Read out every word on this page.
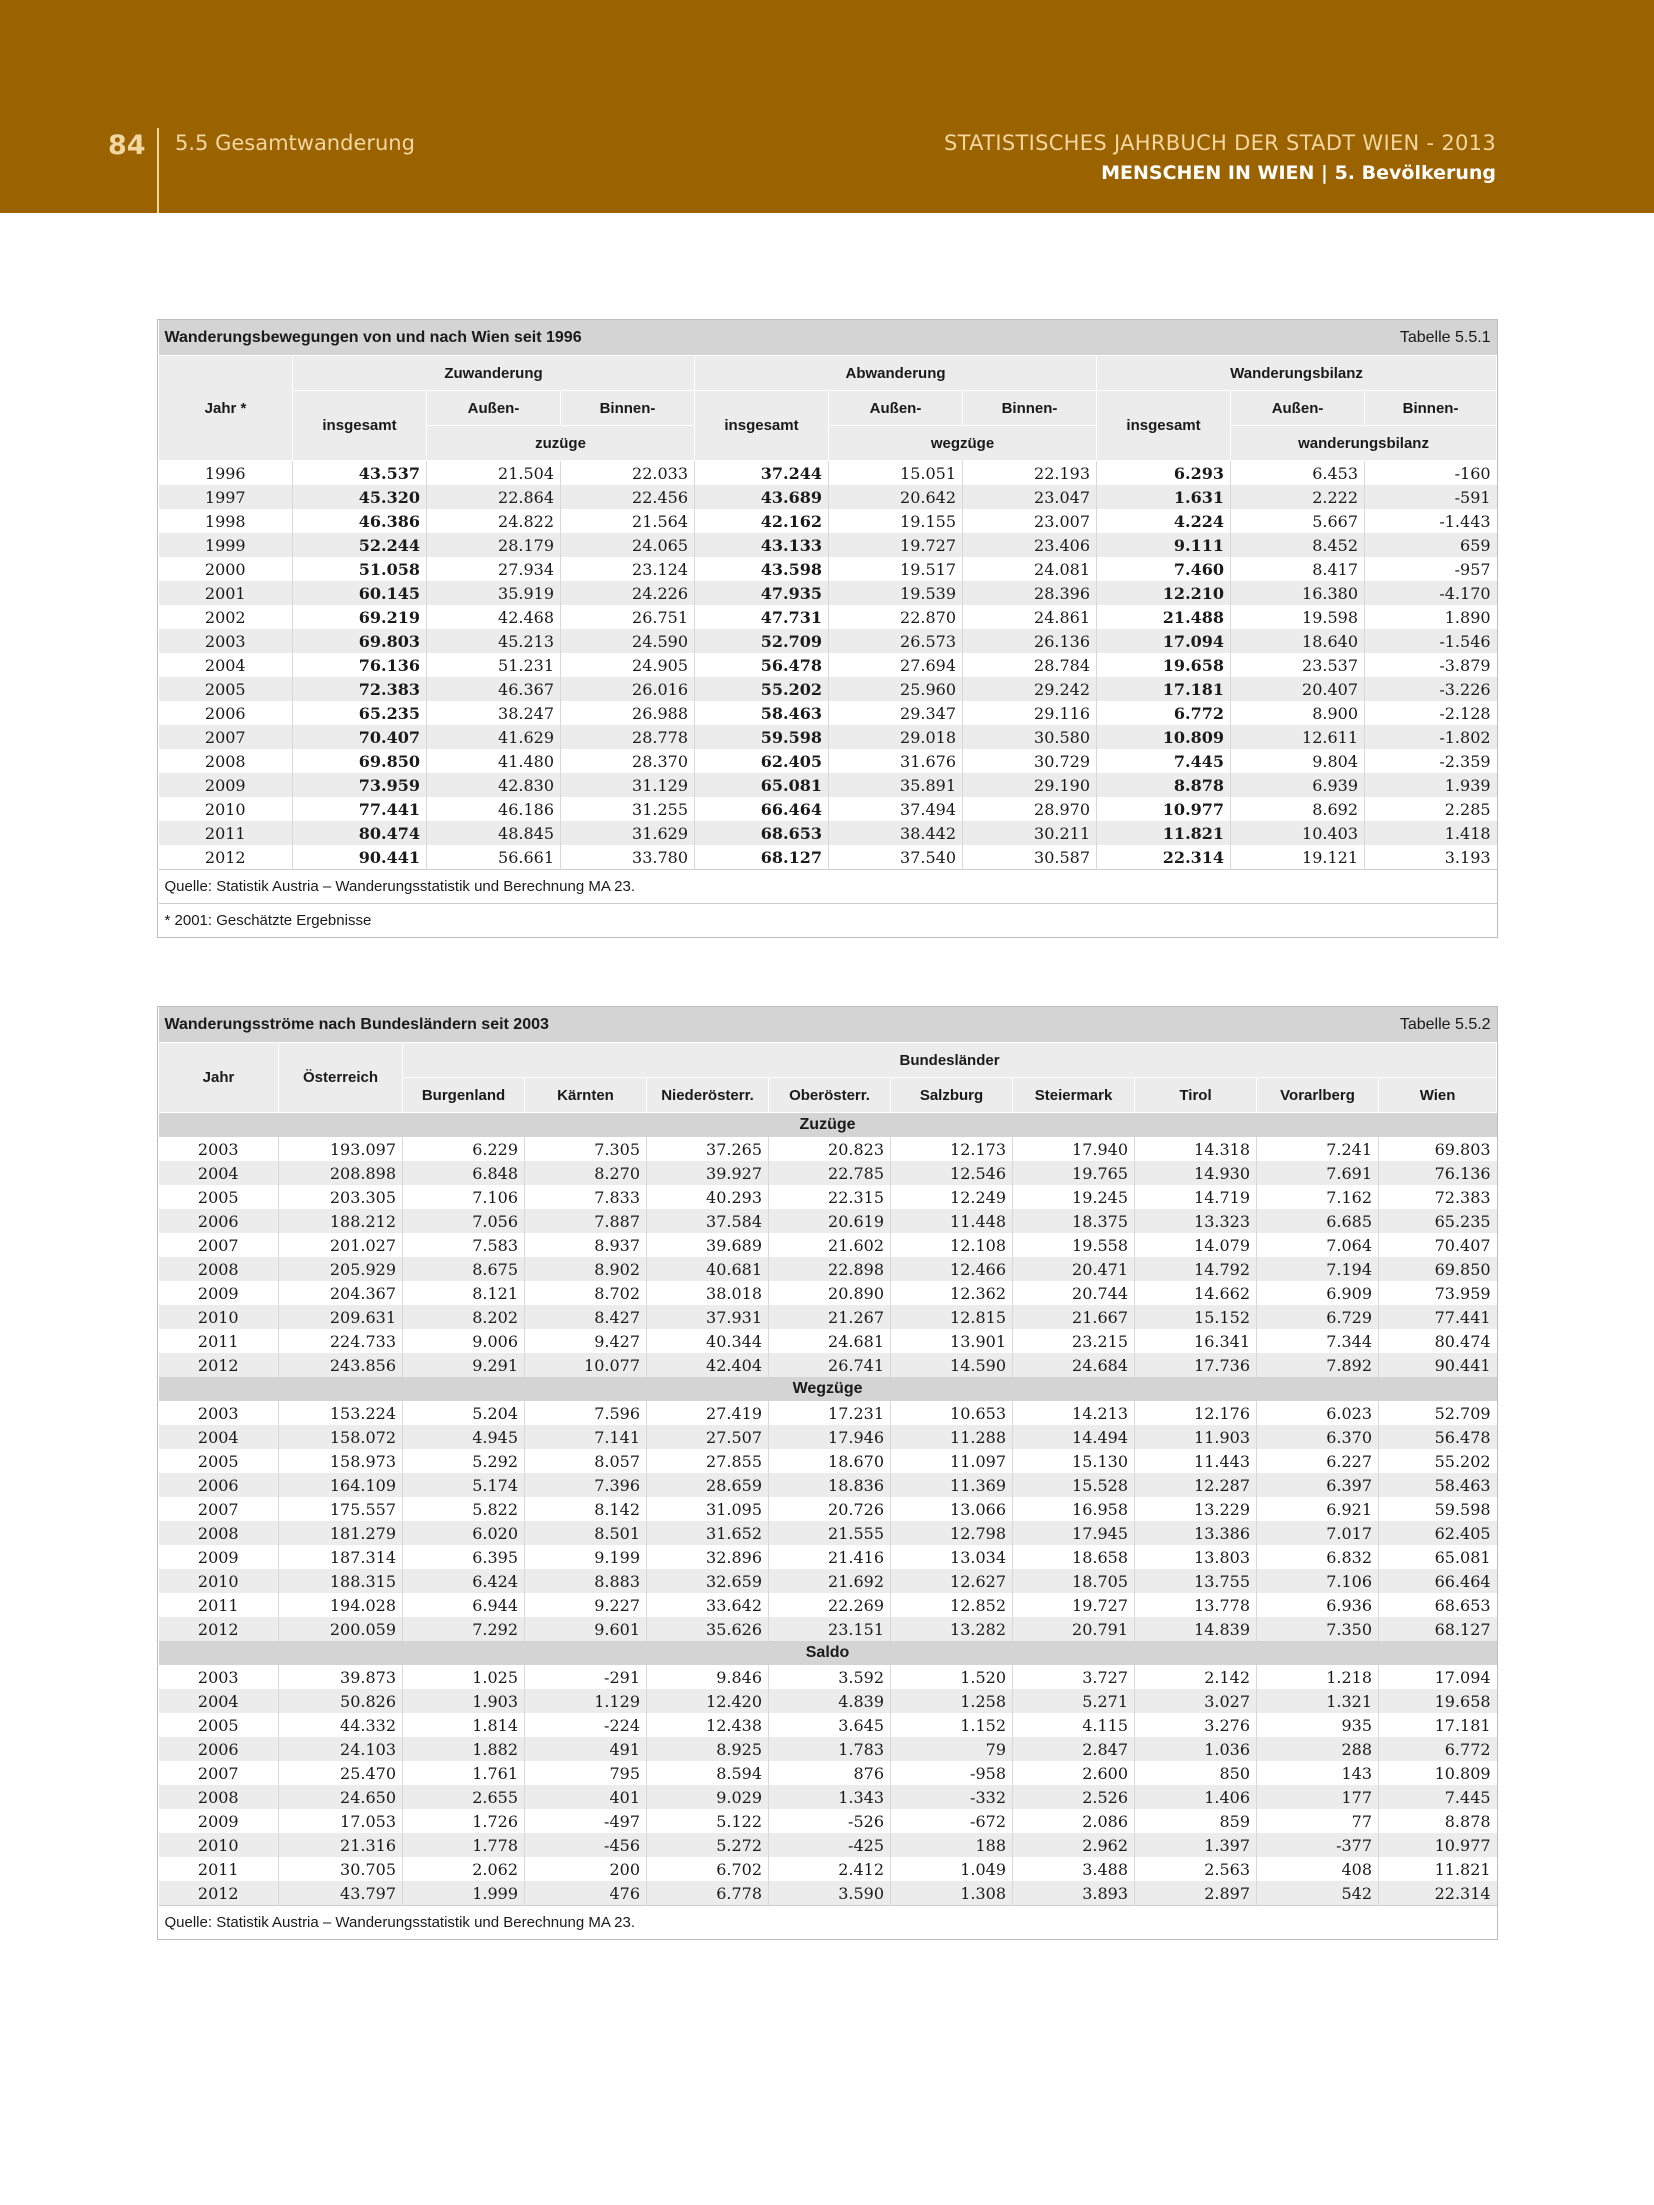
84 5.5 Gesamtwanderung	STATISTISCHES JAHRBUCH DER STADT WIEN - 2013
MENSCHEN IN WIEN | 5. Bevölkerung
Wanderungsbewegungen von und nach Wien seit 1996							Tabelle 5.5.1		
Jahr *	Zuwanderung			Abwanderung			Wanderungsbilanz		
	insgesamt	Außen-	Binnen-	insgesamt	Außen-	Binnen-	insgesamt	Außen-	Binnen-
		zuzüge			wegzüge			wanderungsbilanz	
1996	43.537	21.504	22.033	37.244	15.051	22.193	6.293	6.453	-160
1997	45.320	22.864	22.456	43.689	20.642	23.047	1.631	2.222	-591
1998	46.386	24.822	21.564	42.162	19.155	23.007	4.224	5.667	-1.443
1999	52.244	28.179	24.065	43.133	19.727	23.406	9.111	8.452	659
2000	51.058	27.934	23.124	43.598	19.517	24.081	7.460	8.417	-957
2001	60.145	35.919	24.226	47.935	19.539	28.396	12.210	16.380	-4.170
2002	69.219	42.468	26.751	47.731	22.870	24.861	21.488	19.598	1.890
2003	69.803	45.213	24.590	52.709	26.573	26.136	17.094	18.640	-1.546
2004	76.136	51.231	24.905	56.478	27.694	28.784	19.658	23.537	-3.879
2005	72.383	46.367	26.016	55.202	25.960	29.242	17.181	20.407	-3.226
2006	65.235	38.247	26.988	58.463	29.347	29.116	6.772	8.900	-2.128
2007	70.407	41.629	28.778	59.598	29.018	30.580	10.809	12.611	-1.802
2008	69.850	41.480	28.370	62.405	31.676	30.729	7.445	9.804	-2.359
2009	73.959	42.830	31.129	65.081	35.891	29.190	8.878	6.939	1.939
2010	77.441	46.186	31.255	66.464	37.494	28.970	10.977	8.692	2.285
2011	80.474	48.845	31.629	68.653	38.442	30.211	11.821	10.403	1.418
2012	90.441	56.661	33.780	68.127	37.540	30.587	22.314	19.121	3.193
Quelle: Statistik Austria – Wanderungsstatistik und Berechnung MA 23.									
* 2001: Geschätzte Ergebnisse									
Wanderungsströme nach Bundesländern seit 2003								Tabelle 5.5.2		
Jahr	Österreich	Bundesländer								
		Burgenland	Kärnten	Niederösterr.	Oberösterr.	Salzburg	Steiermark	Tirol	Vorarlberg	Wien
Zuzüge										
2003	193.097	6.229	7.305	37.265	20.823	12.173	17.940	14.318	7.241	69.803
2004	208.898	6.848	8.270	39.927	22.785	12.546	19.765	14.930	7.691	76.136
2005	203.305	7.106	7.833	40.293	22.315	12.249	19.245	14.719	7.162	72.383
2006	188.212	7.056	7.887	37.584	20.619	11.448	18.375	13.323	6.685	65.235
2007	201.027	7.583	8.937	39.689	21.602	12.108	19.558	14.079	7.064	70.407
2008	205.929	8.675	8.902	40.681	22.898	12.466	20.471	14.792	7.194	69.850
2009	204.367	8.121	8.702	38.018	20.890	12.362	20.744	14.662	6.909	73.959
2010	209.631	8.202	8.427	37.931	21.267	12.815	21.667	15.152	6.729	77.441
2011	224.733	9.006	9.427	40.344	24.681	13.901	23.215	16.341	7.344	80.474
2012	243.856	9.291	10.077	42.404	26.741	14.590	24.684	17.736	7.892	90.441
Wegzüge										
2003	153.224	5.204	7.596	27.419	17.231	10.653	14.213	12.176	6.023	52.709
2004	158.072	4.945	7.141	27.507	17.946	11.288	14.494	11.903	6.370	56.478
2005	158.973	5.292	8.057	27.855	18.670	11.097	15.130	11.443	6.227	55.202
2006	164.109	5.174	7.396	28.659	18.836	11.369	15.528	12.287	6.397	58.463
2007	175.557	5.822	8.142	31.095	20.726	13.066	16.958	13.229	6.921	59.598
2008	181.279	6.020	8.501	31.652	21.555	12.798	17.945	13.386	7.017	62.405
2009	187.314	6.395	9.199	32.896	21.416	13.034	18.658	13.803	6.832	65.081
2010	188.315	6.424	8.883	32.659	21.692	12.627	18.705	13.755	7.106	66.464
2011	194.028	6.944	9.227	33.642	22.269	12.852	19.727	13.778	6.936	68.653
2012	200.059	7.292	9.601	35.626	23.151	13.282	20.791	14.839	7.350	68.127
Saldo										
2003	39.873	1.025	-291	9.846	3.592	1.520	3.727	2.142	1.218	17.094
2004	50.826	1.903	1.129	12.420	4.839	1.258	5.271	3.027	1.321	19.658
2005	44.332	1.814	-224	12.438	3.645	1.152	4.115	3.276	935	17.181
2006	24.103	1.882	491	8.925	1.783	79	2.847	1.036	288	6.772
2007	25.470	1.761	795	8.594	876	-958	2.600	850	143	10.809
2008	24.650	2.655	401	9.029	1.343	-332	2.526	1.406	177	7.445
2009	17.053	1.726	-497	5.122	-526	-672	2.086	859	77	8.878
2010	21.316	1.778	-456	5.272	-425	188	2.962	1.397	-377	10.977
2011	30.705	2.062	200	6.702	2.412	1.049	3.488	2.563	408	11.821
2012	43.797	1.999	476	6.778	3.590	1.308	3.893	2.897	542	22.314
Quelle: Statistik Austria – Wanderungsstatistik und Berechnung MA 23.										
